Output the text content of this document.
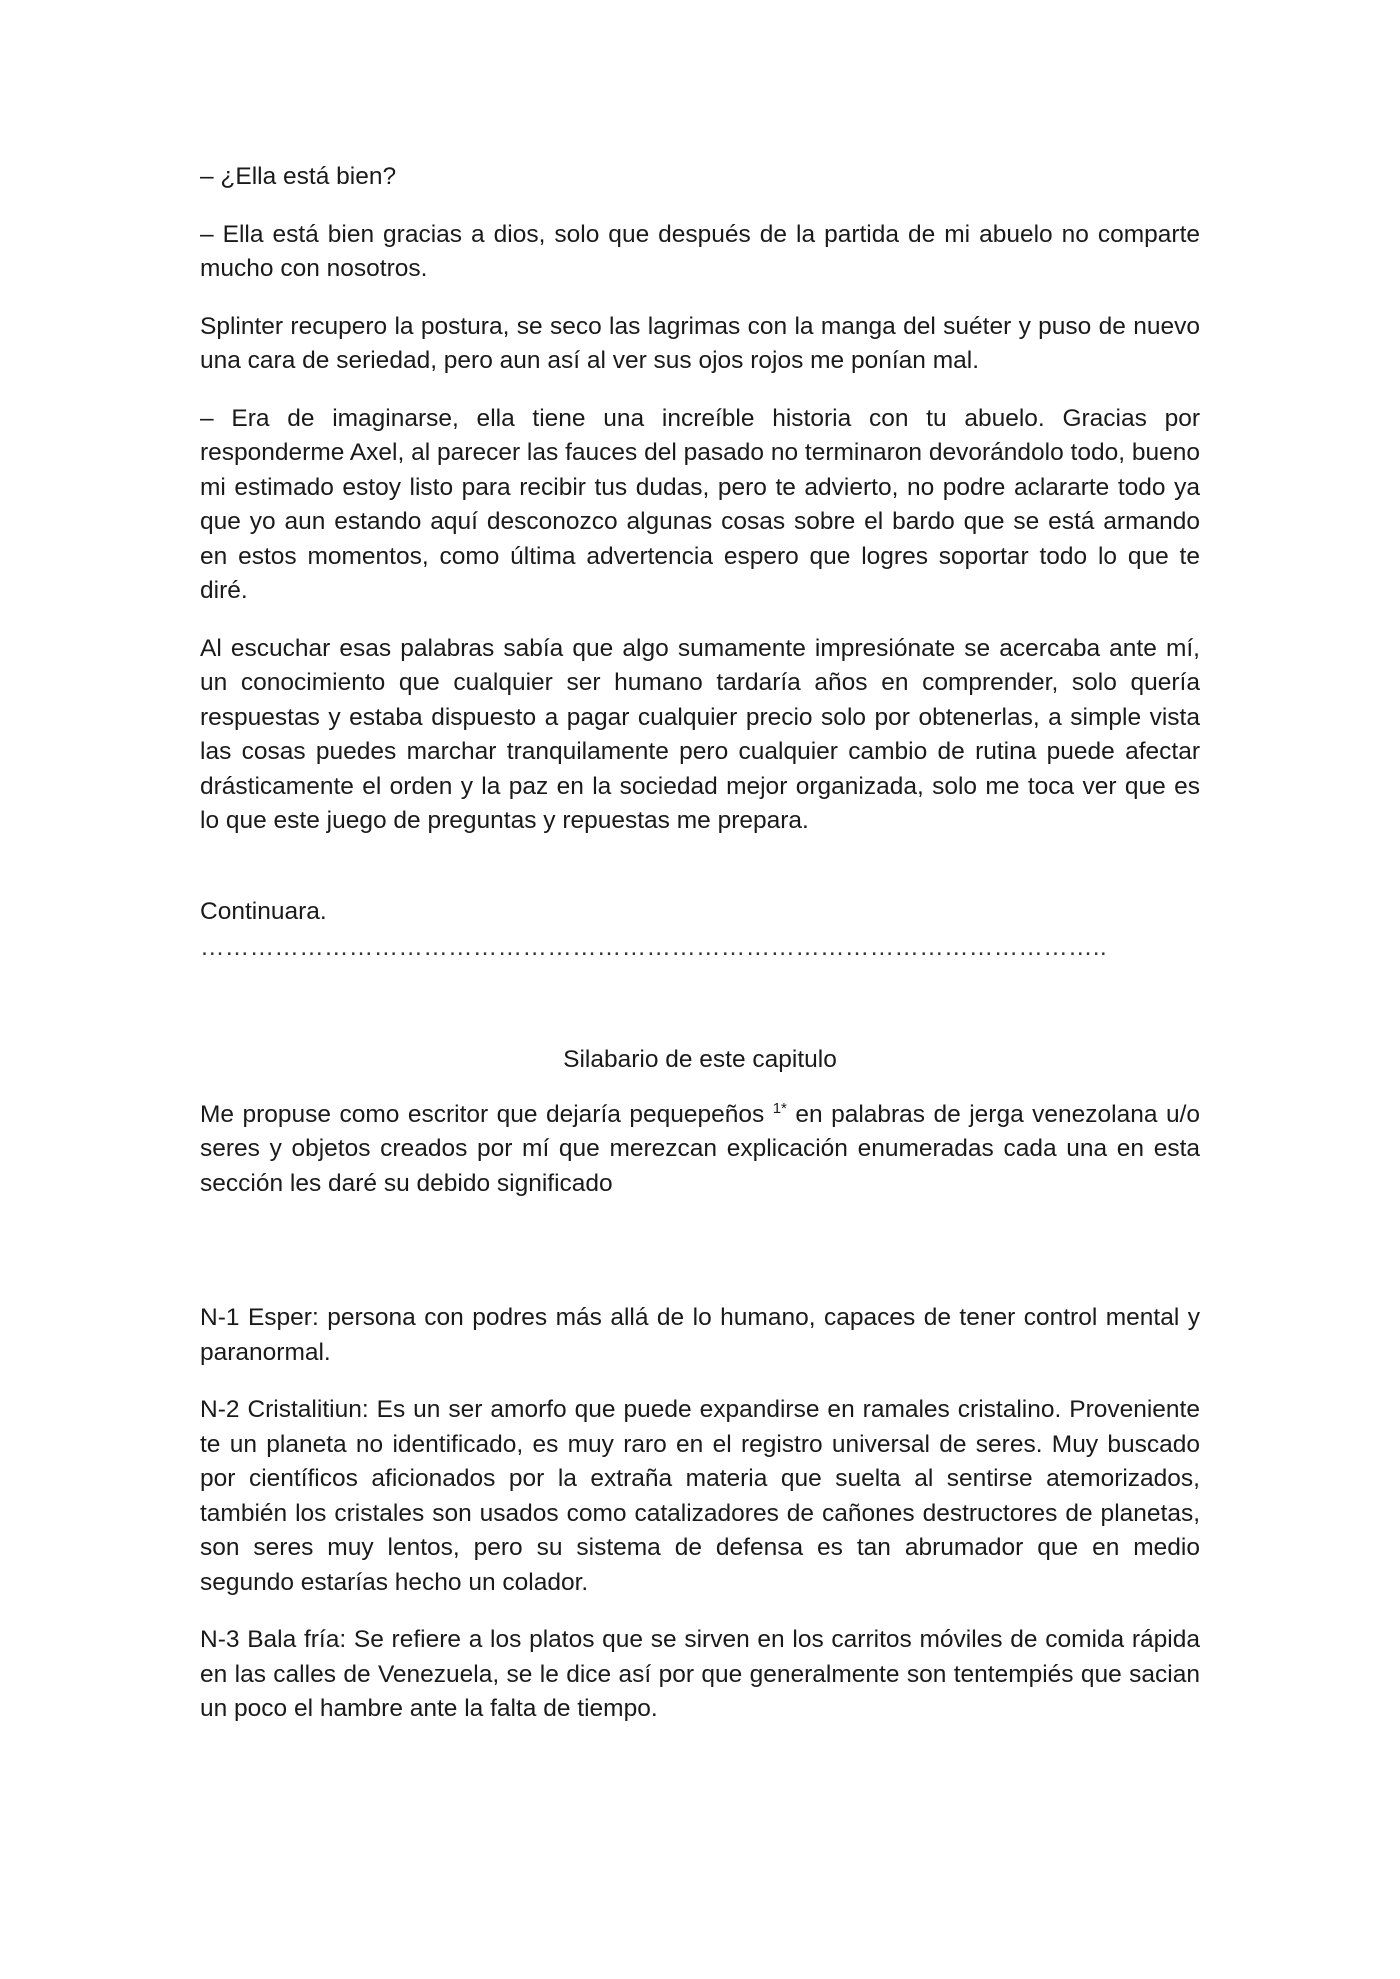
– ¿Ella está bien?

– Ella está bien gracias a dios, solo que después de la partida de mi abuelo no comparte mucho con nosotros.

Splinter recupero la postura, se seco las lagrimas con la manga del suéter y puso de nuevo una cara de seriedad, pero aun así al ver sus ojos rojos me ponían mal.

– Era de imaginarse, ella tiene una increíble historia con tu abuelo. Gracias por responderme Axel, al parecer las fauces del pasado no terminaron devorándolo todo, bueno mi estimado estoy listo para recibir tus dudas, pero te advierto, no podre aclararte todo ya que yo aun estando aquí desconozco algunas cosas sobre el bardo que se está armando en estos momentos, como última advertencia espero que logres soportar todo lo que te diré.

Al escuchar esas palabras sabía que algo sumamente impresiónate se acercaba ante mí, un conocimiento que cualquier ser humano tardaría años en comprender, solo quería respuestas y estaba dispuesto a pagar cualquier precio solo por obtenerlas, a simple vista las cosas puedes marchar tranquilamente pero cualquier cambio de rutina puede afectar drásticamente el orden y la paz en la sociedad mejor organizada, solo me toca ver que es lo que este juego de preguntas y repuestas me prepara.

Continuara.

………………………………………………………………………………………………..
Silabario de este capitulo

Me propuse como escritor que dejaría pequepeños $^{1*}$ en palabras de jerga venezolana u/o seres y objetos creados por mí que merezcan explicación enumeradas cada una en esta sección les daré su debido significado

N-1 Esper: persona con podres más allá de lo humano, capaces de tener control mental y paranormal.

N-2 Cristalitiun: Es un ser amorfo que puede expandirse en ramales cristalino. Proveniente te un planeta no identificado, es muy raro en el registro universal de seres. Muy buscado por científicos aficionados por la extraña materia que suelta al sentirse atemorizados, también los cristales son usados como catalizadores de cañones destructores de planetas, son seres muy lentos, pero su sistema de defensa es tan abrumador que en medio segundo estarías hecho un colador.

N-3 Bala fría: Se refiere a los platos que se sirven en los carritos móviles de comida rápida en las calles de Venezuela, se le dice así por que generalmente son tentempiés que sacian un poco el hambre ante la falta de tiempo.
